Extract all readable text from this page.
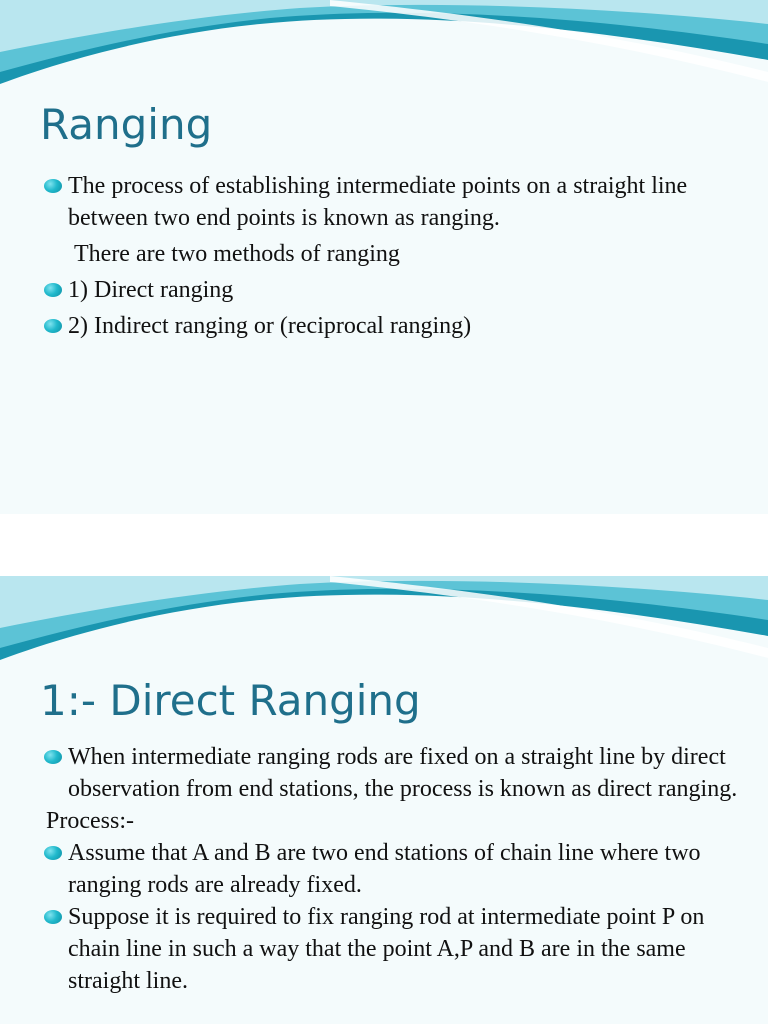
Ranging

The process of establishing intermediate points on a straight line between two end points is known as ranging.

There are two methods of ranging

1) Direct ranging

2) Indirect ranging or (reciprocal ranging)

1:- Direct Ranging

When intermediate ranging rods are fixed on a straight line by direct observation from end stations, the process is known as direct ranging.

Process:-

Assume that A and B are two end stations of chain line where two ranging rods are already fixed.

Suppose it is required to fix ranging rod at intermediate point P on chain line in such a way that the point A,P and B are in the same straight line.
